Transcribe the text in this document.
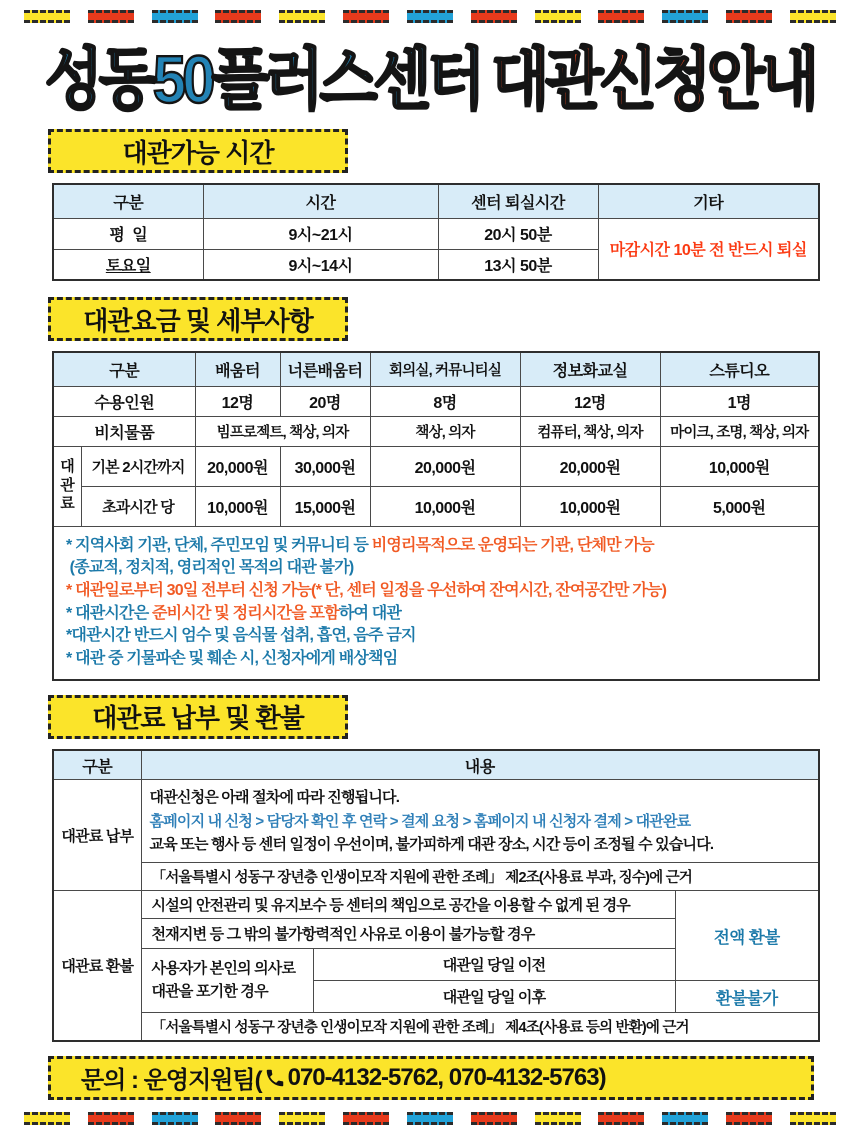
성동50플러스센터 대관신청안내
대관가능 시간
구분	시간	센터 퇴실시간	기타
평  일	9시~21시	20시 50분	마감시간 10분 전 반드시 퇴실
토요일	9시~14시	13시 50분	
대관요금 및 세부사항
구분		배움터	너른배움터	회의실, 커뮤니티실	정보화교실	스튜디오
수용인원		12명	20명	8명	12명	1명
비치물품		빔프로젝트, 책상, 의자		책상, 의자	컴퓨터, 책상, 의자	마이크, 조명, 책상, 의자
대관료	기본 2시간까지	20,000원	30,000원	20,000원	20,000원	10,000원
	초과시간 당	10,000원	15,000원	10,000원	10,000원	5,000원

* 지역사회 기관, 단체, 주민모임 및 커뮤니티 등 비영리목적으로 운영되는 기관, 단체만 가능
(종교적, 정치적, 영리적인 목적의 대관 불가)
* 대관일로부터 30일 전부터 신청 가능(* 단, 센터 일정을 우선하여 잔여시간, 잔여공간만 가능)
* 대관시간은 준비시간 및 정리시간을 포함하여 대관
*대관시간 반드시 엄수 및 음식물 섭취, 흡연, 음주 금지
* 대관 중 기물파손 및 훼손 시, 신청자에게 배상책임
대관료 납부 및 환불
구분	내용		
대관료 납부	대관신청은 아래 절차에 따라 진행됩니다.
홈페이지 내 신청 > 담당자 확인 후 연락 > 결제 요청 > 홈페이지 내 신청자 결제 > 대관완료
교육 또는 행사 등 센터 일정이 우선이며, 불가피하게 대관 장소, 시간 등이 조정될 수 있습니다.		

	「서울특별시 성동구 장년층 인생이모작 지원에 관한 조례」 제2조(사용료 부과, 징수)에 근거		
대관료 환불	시설의 안전관리 및 유지보수 등 센터의 책임으로 공간을 이용할 수 없게 된 경우		전액 환불
	천재지변 등 그 밖의 불가항력적인 사유로 이용이 불가능할 경우		
	사용자가 본인의 의사로 대관을 포기한 경우	대관일 당일 이전	
		대관일 당일 이후	환불불가
	「서울특별시 성동구 장년층 인생이모작 지원에 관한 조례」 제4조(사용료 등의 반환)에 근거		
문의 : 운영지원팀( 070-4132-5762, 070-4132-5763)
